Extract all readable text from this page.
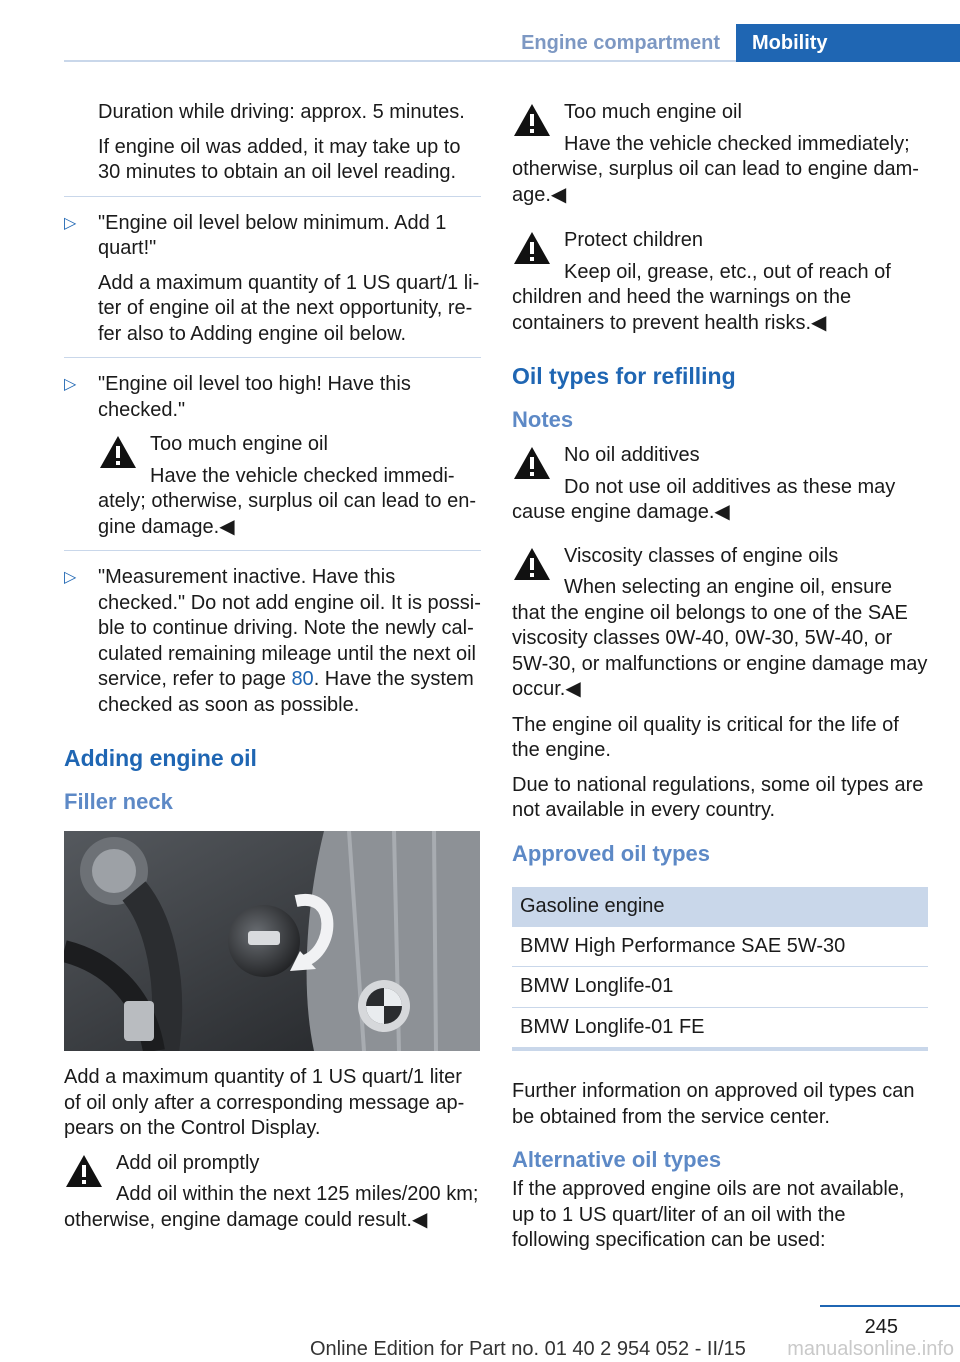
Engine compartment	Mobility

Duration while driving: approx. 5 minutes.

If engine oil was added, it may take up to 30 minutes to obtain an oil level reading.

▷ "Engine oil level below minimum. Add 1 quart!"

Add a maximum quantity of 1 US quart/1 liter of engine oil at the next opportunity, refer also to Adding engine oil below.

▷ "Engine oil level too high! Have this checked."

Too much engine oil
Have the vehicle checked immediately; otherwise, surplus oil can lead to engine damage.◀
▷ "Measurement inactive. Have this checked." Do not add engine oil. It is possible to continue driving. Note the newly calculated remaining mileage until the next oil service, refer to page 80. Have the system checked as soon as possible.

Adding engine oil
Filler neck

Add a maximum quantity of 1 US quart/1 liter of oil only after a corresponding message appears on the Control Display.

Add oil promptly
Add oil within the next 125 miles/200 km; otherwise, engine damage could result.◀
Too much engine oil
Have the vehicle checked immediately; otherwise, surplus oil can lead to engine damage.◀
Protect children
Keep oil, grease, etc., out of reach of children and heed the warnings on the containers to prevent health risks.◀
Oil types for refilling
Notes
No oil additives
Do not use oil additives as these may cause engine damage.◀
Viscosity classes of engine oils
When selecting an engine oil, ensure that the engine oil belongs to one of the SAE viscosity classes 0W-40, 0W-30, 5W-40, or 5W-30, or malfunctions or engine damage may occur.◀

The engine oil quality is critical for the life of the engine.

Due to national regulations, some oil types are not available in every country.

Approved oil types
Gasoline engine
BMW High Performance SAE 5W-30
BMW Longlife-01
BMW Longlife-01 FE

Further information on approved oil types can be obtained from the service center.

Alternative oil types

If the approved engine oils are not available, up to 1 US quart/liter of an oil with the following specification can be used:

245
Online Edition for Part no. 01 40 2 954 052 - II/15 manualsonline.info
